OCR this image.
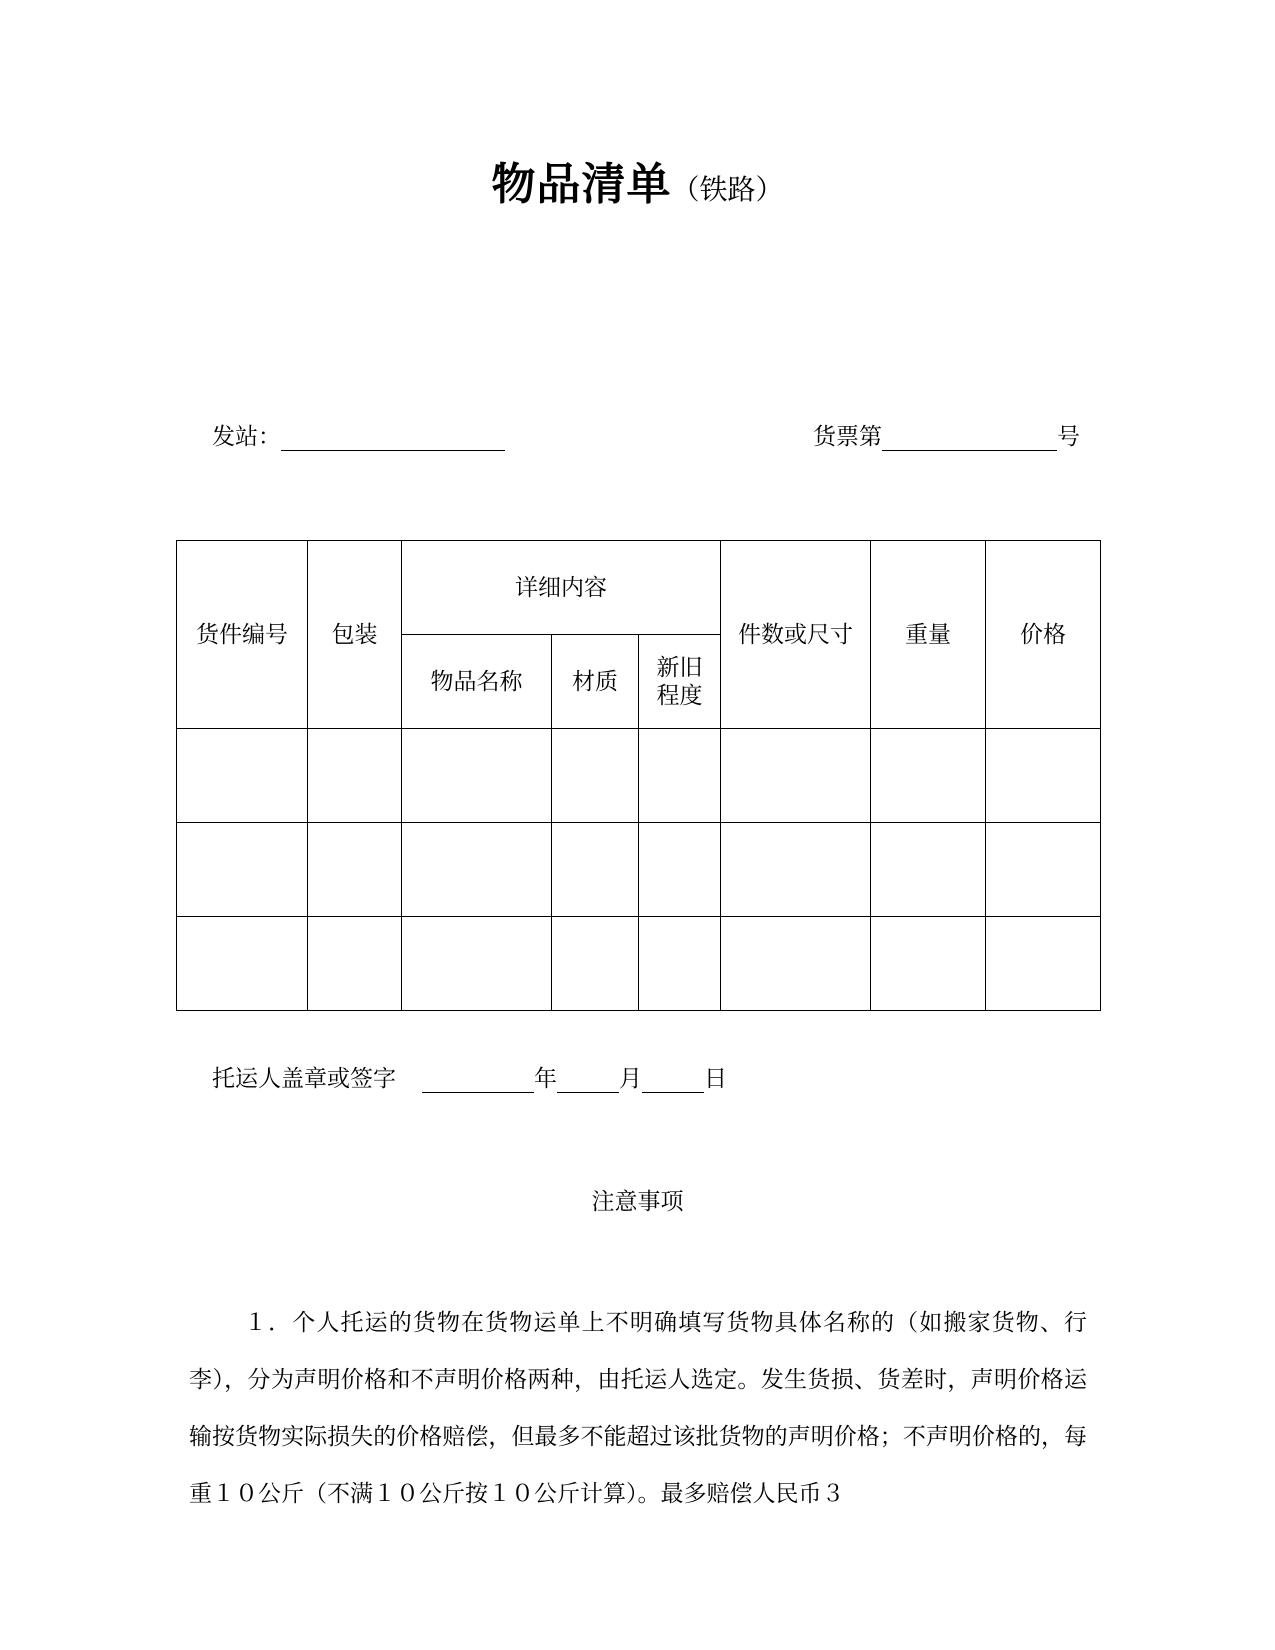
物品清单（铁路）
发站：	货票第	号
货件编号	包装	详细内容			件数或尺寸	重量	价格
		物品名称	材质	新旧程度			

托运人盖章或签字	年	月	日
注意事项
１．个人托运的货物在货物运单上不明确填写货物具体名称的（如搬家货物、行李），分为声明价格和不声明价格两种，由托运人选定。发生货损、货差时，声明价格运输按货物实际损失的价格赔偿，但最多不能超过该批货物的声明价格；不声明价格的，每重１０公斤（不满１０公斤按１０公斤计算）。最多赔偿人民币３
